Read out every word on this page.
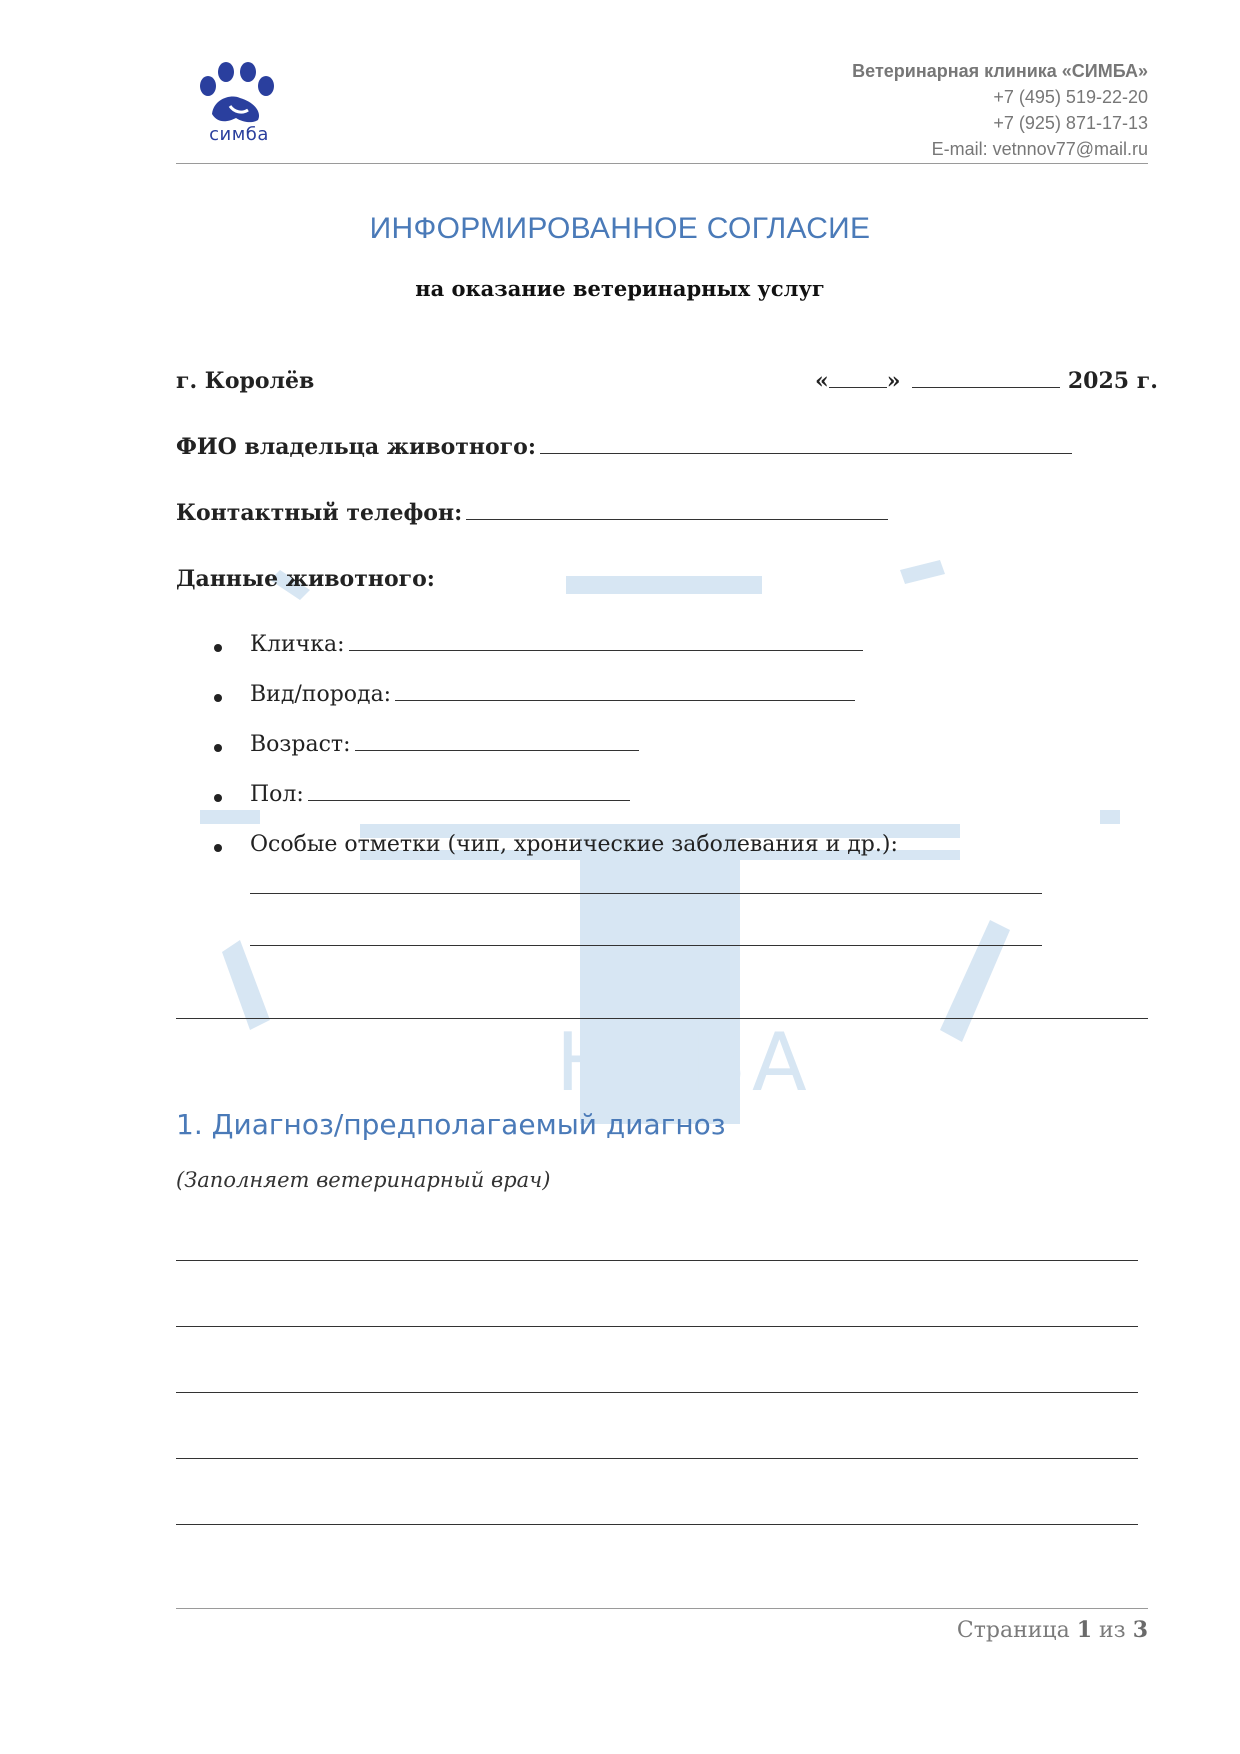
симба
Ветеринарная клиника «СИМБА»
+7 (495) 519-22-20
+7 (925) 871-17-13
E-mail: vetnnov77@mail.ru
НОВА
ИНФОРМИРОВАННОЕ СОГЛАСИЕ
на оказание ветеринарных услуг
г. Королёв	«	»	2025 г.
ФИО владельца животного:
Контактный телефон:
Данные животного:
Кличка:
Вид/порода:
Возраст:
Пол:
Особые отметки (чип, хронические заболевания и др.):
1. Диагноз/предполагаемый диагноз
(Заполняет ветеринарный врач)
Страница 1 из 3
